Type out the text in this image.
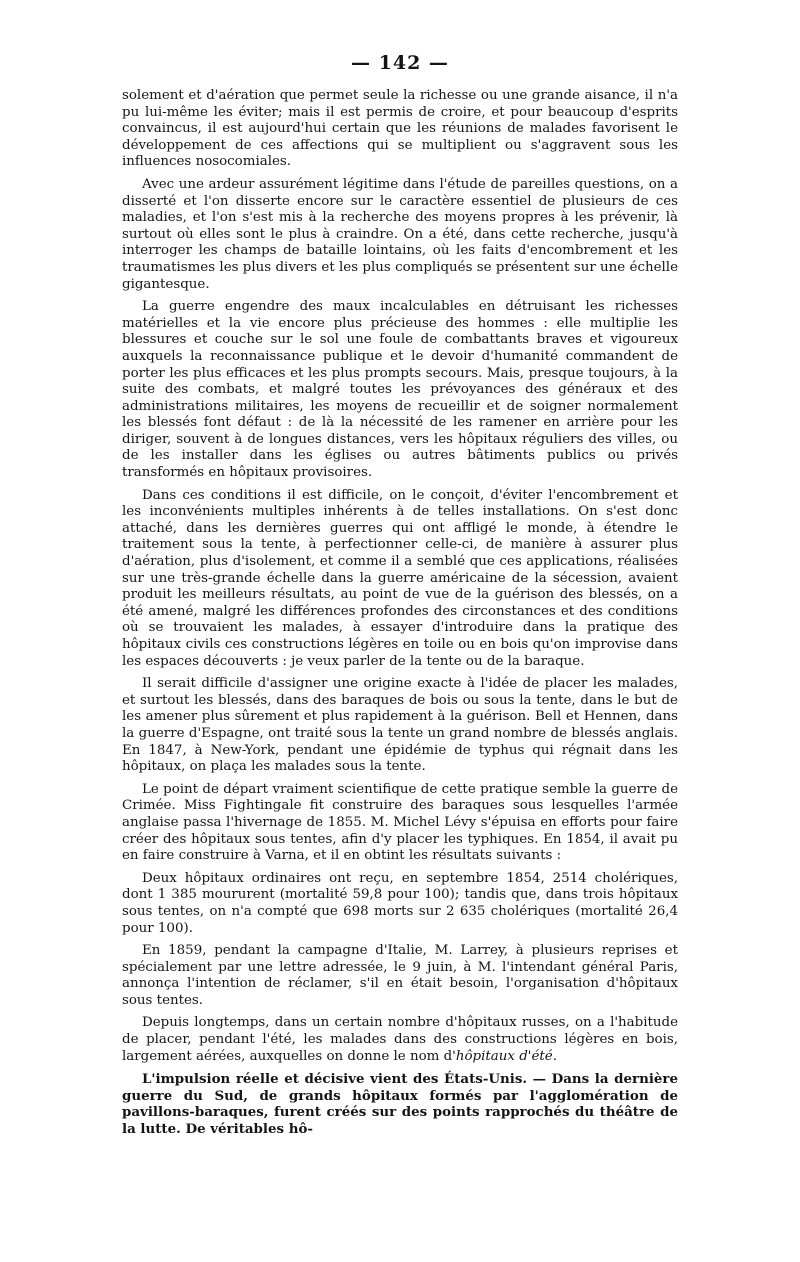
— 142 —

solement et d'aération que permet seule la richesse ou une grande aisance, il n'a pu lui-même les éviter; mais il est permis de croire, et pour beaucoup d'esprits convaincus, il est aujourd'hui certain que les réunions de malades favorisent le développement de ces affections qui se multiplient ou s'aggravent sous les influences nosocomiales.

Avec une ardeur assurément légitime dans l'étude de pareilles questions, on a disserté et l'on disserte encore sur le caractère essentiel de plusieurs de ces maladies, et l'on s'est mis à la recherche des moyens propres à les prévenir, là surtout où elles sont le plus à craindre. On a été, dans cette recherche, jusqu'à interroger les champs de bataille lointains, où les faits d'encombrement et les traumatismes les plus divers et les plus compliqués se présentent sur une échelle gigantesque.

La guerre engendre des maux incalculables en détruisant les richesses matérielles et la vie encore plus précieuse des hommes : elle multiplie les blessures et couche sur le sol une foule de combattants braves et vigoureux auxquels la reconnaissance publique et le devoir d'humanité commandent de porter les plus efficaces et les plus prompts secours. Mais, presque toujours, à la suite des combats, et malgré toutes les prévoyances des généraux et des administrations militaires, les moyens de recueillir et de soigner normalement les blessés font défaut : de là la nécessité de les ramener en arrière pour les diriger, souvent à de longues distances, vers les hôpitaux réguliers des villes, ou de les installer dans les églises ou autres bâtiments publics ou privés transformés en hôpitaux provisoires.

Dans ces conditions il est difficile, on le conçoit, d'éviter l'encombrement et les inconvénients multiples inhérents à de telles installations. On s'est donc attaché, dans les dernières guerres qui ont affligé le monde, à étendre le traitement sous la tente, à perfectionner celle-ci, de manière à assurer plus d'aération, plus d'isolement, et comme il a semblé que ces applications, réalisées sur une très-grande échelle dans la guerre américaine de la sécession, avaient produit les meilleurs résultats, au point de vue de la guérison des blessés, on a été amené, malgré les différences profondes des circonstances et des conditions où se trouvaient les malades, à essayer d'introduire dans la pratique des hôpitaux civils ces constructions légères en toile ou en bois qu'on improvise dans les espaces découverts : je veux parler de la tente ou de la baraque.

Il serait difficile d'assigner une origine exacte à l'idée de placer les malades, et surtout les blessés, dans des baraques de bois ou sous la tente, dans le but de les amener plus sûrement et plus rapidement à la guérison. Bell et Hennen, dans la guerre d'Espagne, ont traité sous la tente un grand nombre de blessés anglais. En 1847, à New-York, pendant une épidémie de typhus qui régnait dans les hôpitaux, on plaça les malades sous la tente.

Le point de départ vraiment scientifique de cette pratique semble la guerre de Crimée. Miss Fightingale fit construire des baraques sous lesquelles l'armée anglaise passa l'hivernage de 1855. M. Michel Lévy s'épuisa en efforts pour faire créer des hôpitaux sous tentes, afin d'y placer les typhiques. En 1854, il avait pu en faire construire à Varna, et il en obtint les résultats suivants :

Deux hôpitaux ordinaires ont reçu, en septembre 1854, 2514 cholériques, dont 1 385 moururent (mortalité 59,8 pour 100); tandis que, dans trois hôpitaux sous tentes, on n'a compté que 698 morts sur 2 635 cholériques (mortalité 26,4 pour 100).

En 1859, pendant la campagne d'Italie, M. Larrey, à plusieurs reprises et spécialement par une lettre adressée, le 9 juin, à M. l'intendant général Paris, annonça l'intention de réclamer, s'il en était besoin, l'organisation d'hôpitaux sous tentes.

Depuis longtemps, dans un certain nombre d'hôpitaux russes, on a l'habitude de placer, pendant l'été, les malades dans des constructions légères en bois, largement aérées, auxquelles on donne le nom d'hôpitaux d'été.

L'impulsion réelle et décisive vient des États-Unis. — Dans la dernière guerre du Sud, de grands hôpitaux formés par l'agglomération de pavillons-baraques, furent créés sur des points rapprochés du théâtre de la lutte. De véritables hô-
